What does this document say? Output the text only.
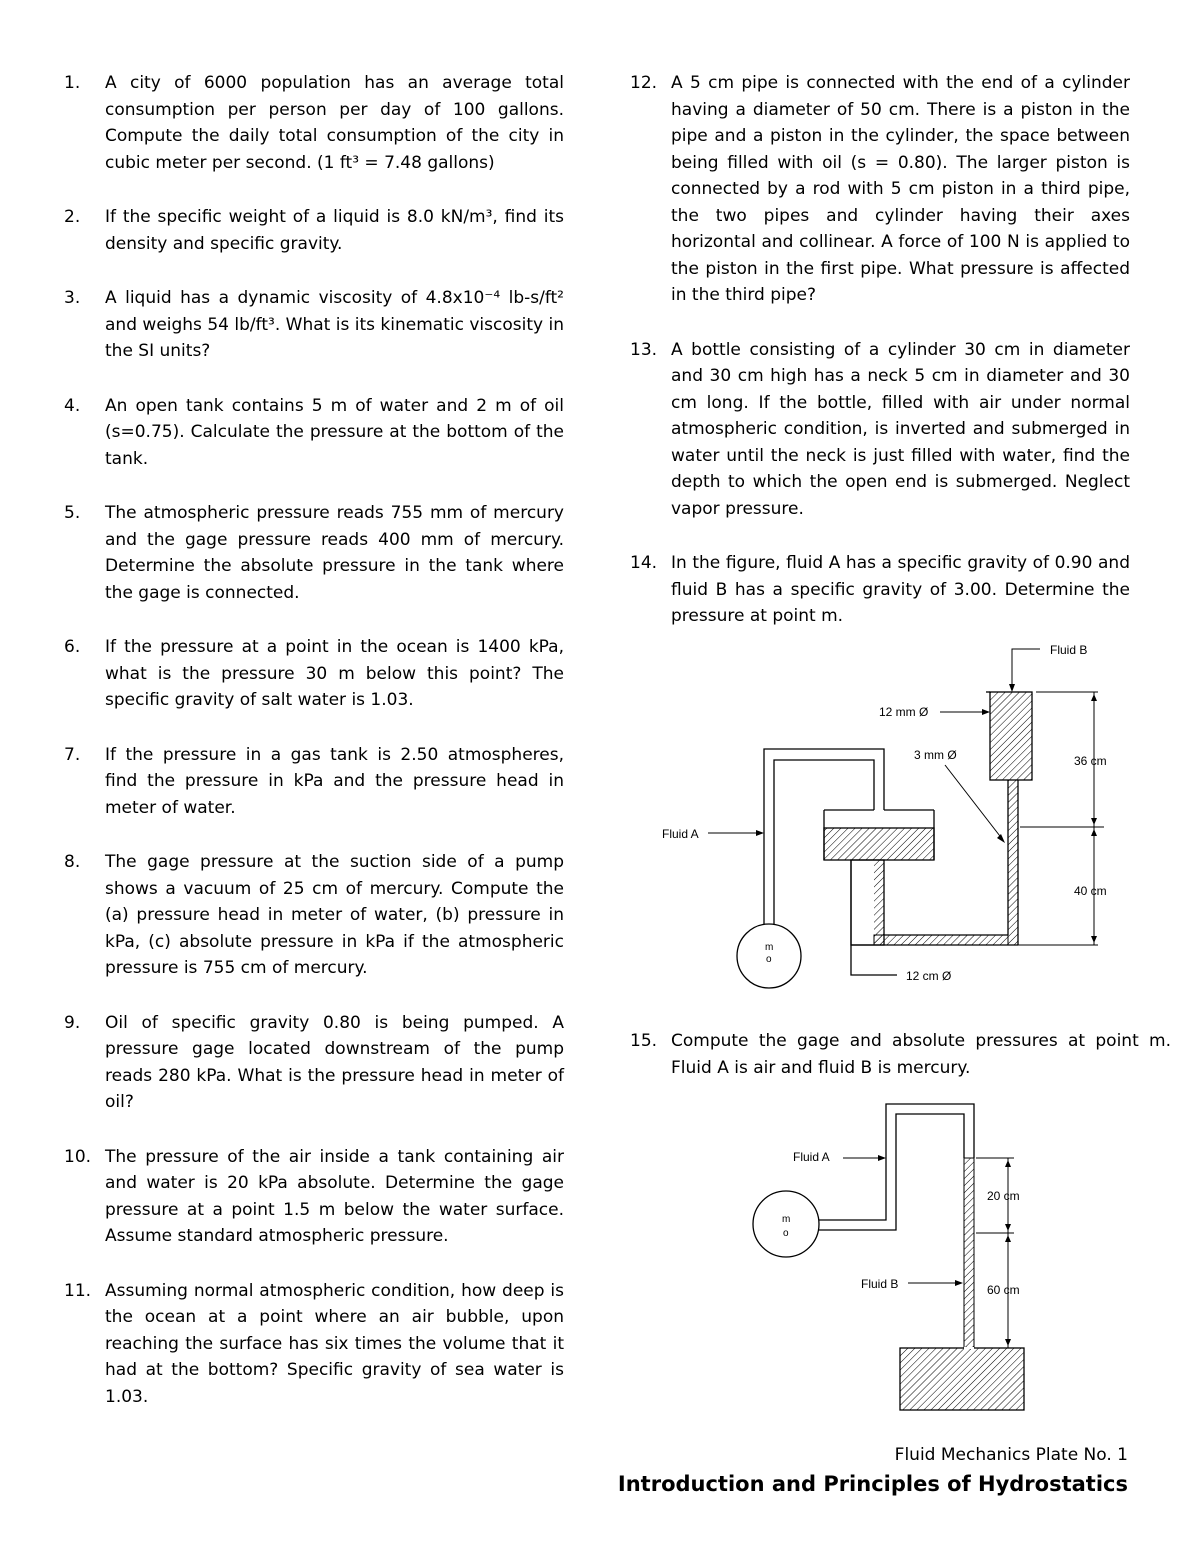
1. A city of 6000 population has an average total consumption per person per day of 100 gallons. Compute the daily total consumption of the city in cubic meter per second. (1 ft³ = 7.48 gallons)
2. If the specific weight of a liquid is 8.0 kN/m³, find its density and specific gravity.
3. A liquid has a dynamic viscosity of 4.8x10⁻⁴ lb-s/ft² and weighs 54 lb/ft³. What is its kinematic viscosity in the SI units?
4. An open tank contains 5 m of water and 2 m of oil (s=0.75). Calculate the pressure at the bottom of the tank.
5. The atmospheric pressure reads 755 mm of mercury and the gage pressure reads 400 mm of mercury. Determine the absolute pressure in the tank where the gage is connected.
6. If the pressure at a point in the ocean is 1400 kPa, what is the pressure 30 m below this point? The specific gravity of salt water is 1.03.
7. If the pressure in a gas tank is 2.50 atmospheres, find the pressure in kPa and the pressure head in meter of water.
8. The gage pressure at the suction side of a pump shows a vacuum of 25 cm of mercury. Compute the (a) pressure head in meter of water, (b) pressure in kPa, (c) absolute pressure in kPa if the atmospheric pressure is 755 cm of mercury.
9. Oil of specific gravity 0.80 is being pumped. A pressure gage located downstream of the pump reads 280 kPa. What is the pressure head in meter of oil?
10. The pressure of the air inside a tank containing air and water is 20 kPa absolute. Determine the gage pressure at a point 1.5 m below the water surface. Assume standard atmospheric pressure.
11. Assuming normal atmospheric condition, how deep is the ocean at a point where an air bubble, upon reaching the surface has six times the volume that it had at the bottom? Specific gravity of sea water is 1.03.
12. A 5 cm pipe is connected with the end of a cylinder having a diameter of 50 cm. There is a piston in the pipe and a piston in the cylinder, the space between being filled with oil (s = 0.80). The larger piston is connected by a rod with 5 cm piston in a third pipe, the two pipes and cylinder having their axes horizontal and collinear. A force of 100 N is applied to the piston in the first pipe. What pressure is affected in the third pipe?
13. A bottle consisting of a cylinder 30 cm in diameter and 30 cm high has a neck 5 cm in diameter and 30 cm long. If the bottle, filled with air under normal atmospheric condition, is inverted and submerged in water until the neck is just filled with water, find the depth to which the open end is submerged. Neglect vapor pressure.
14. In the figure, fluid A has a specific gravity of 0.90 and fluid B has a specific gravity of 3.00. Determine the pressure at point m.
15. Compute the gage and absolute pressures at point m. Fluid A is air and fluid B is mercury.
Fluid B
12 mm Ø
3 mm Ø
Fluid A
36 cm
40 cm
12 cm Ø
m
o
Fluid A
Fluid B
20 cm
60 cm
m
o
Fluid Mechanics Plate No. 1
Introduction and Principles of Hydrostatics
